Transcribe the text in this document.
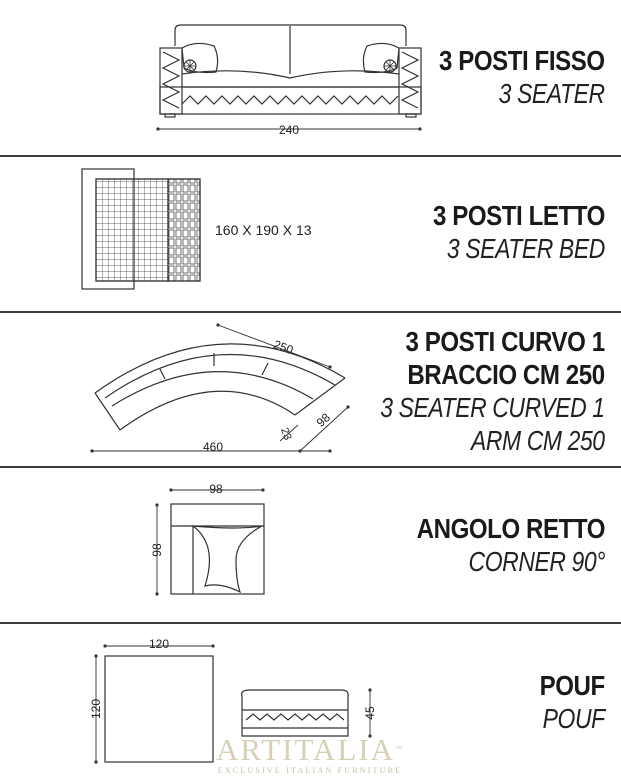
240
3 POSTI FISSO
3 SEATER
160 X 190 X 13	3 POSTI LETTO
3 SEATER BED
460
250
98
23
3 POSTI CURVO 1
BRACCIO CM 250
3 SEATER CURVED 1
ARM CM 250
98
98
ANGOLO RETTO
CORNER 90°
120
120	45
POUF
POUF
ARTITALIA™
EXCLUSIVE ITALIAN FURNITURE
